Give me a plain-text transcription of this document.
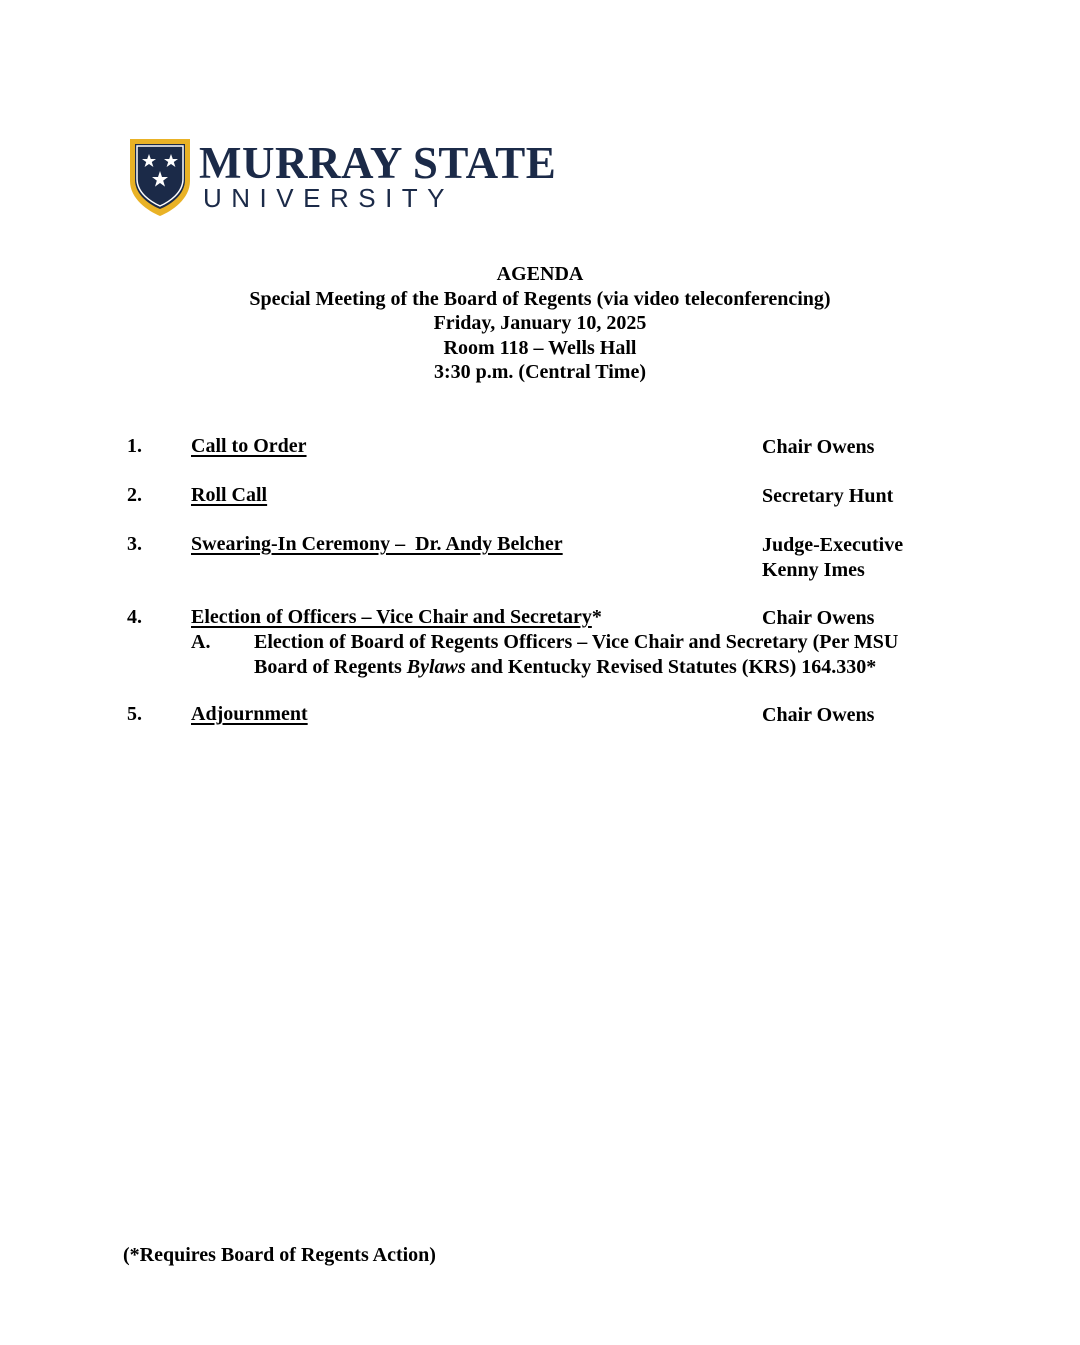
MURRAY STATE
UNIVERSITY
AGENDA
Special Meeting of the Board of Regents (via video teleconferencing)
Friday, January 10, 2025
Room 118 – Wells Hall
3:30 p.m. (Central Time)
1. Call to Order	Chair Owens
2. Roll Call	Secretary Hunt
3. Swearing-In Ceremony –  Dr. Andy Belcher	Judge-Executive
Kenny Imes
4. Election of Officers – Vice Chair and Secretary*	Chair Owens
A. Election of Board of Regents Officers – Vice Chair and Secretary (Per MSU
Board of Regents Bylaws and Kentucky Revised Statutes (KRS) 164.330*
5. Adjournment	Chair Owens
(*Requires Board of Regents Action)
